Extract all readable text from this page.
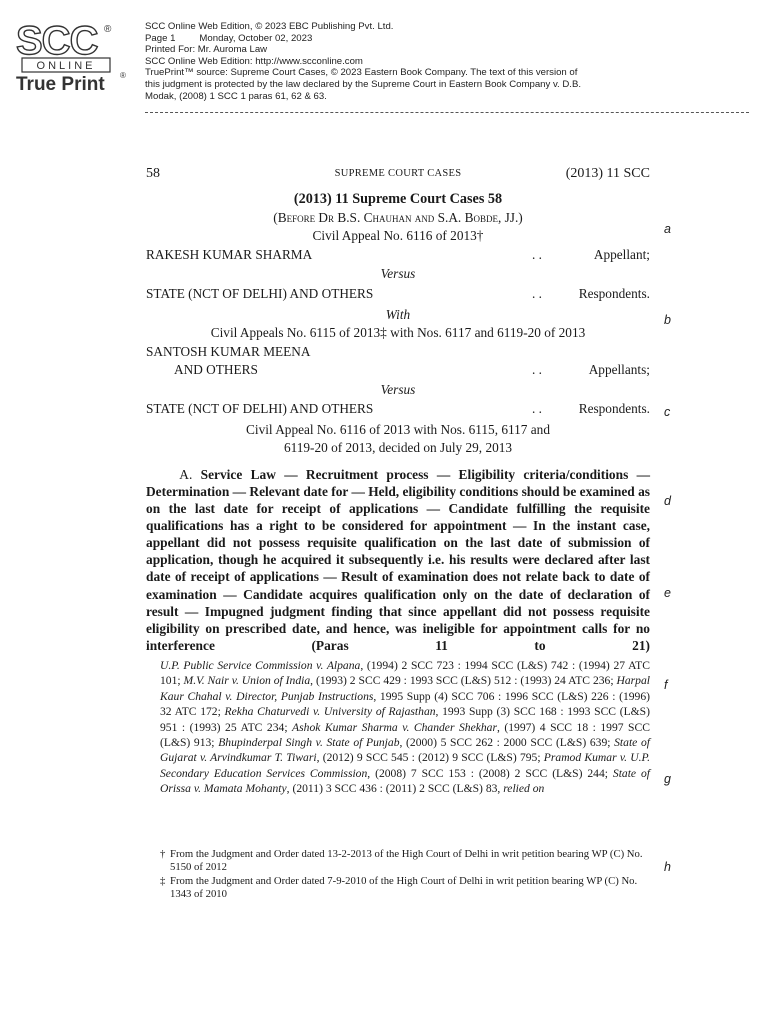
SCC ®
ONLINE
True Print ®
SCC Online Web Edition, © 2023 EBC Publishing Pvt. Ltd.
Page 1	Monday, October 02, 2023
Printed For: Mr. Auroma Law
SCC Online Web Edition: http://www.scconline.com
TruePrint™ source: Supreme Court Cases, © 2023 Eastern Book Company. The text of this version of
this judgment is protected by the law declared by the Supreme Court in Eastern Book Company v. D.B.
Modak, (2008) 1 SCC 1 paras 61, 62 & 63.
a
b
c
d
e
f
g
h
58	SUPREME COURT CASES	(2013) 11 SCC
(2013) 11 Supreme Court Cases 58
(Before Dr B.S. Chauhan and S.A. Bobde, JJ.)
Civil Appeal No. 6116 of 2013†
RAKESH KUMAR SHARMA	. .	Appellant;
Versus
STATE (NCT OF DELHI) AND OTHERS	. .	Respondents.
With
Civil Appeals No. 6115 of 2013‡ with Nos. 6117 and 6119-20 of 2013
SANTOSH KUMAR MEENA
AND OTHERS	. .	Appellants;
Versus
STATE (NCT OF DELHI) AND OTHERS	. .	Respondents.
Civil Appeal No. 6116 of 2013 with Nos. 6115, 6117 and
6119-20 of 2013, decided on July 29, 2013
A. Service Law — Recruitment process — Eligibility criteria/conditions — Determination — Relevant date for — Held, eligibility conditions should be examined as on the last date for receipt of applications — Candidate fulfilling the requisite qualifications has a right to be considered for appointment — In the instant case, appellant did not possess requisite qualification on the last date of submission of application, though he acquired it subsequently i.e. his results were declared after last date of receipt of applications — Result of examination does not relate back to date of examination — Candidate acquires qualification only on the date of declaration of result — Impugned judgment finding that since appellant did not possess requisite eligibility on prescribed date, and hence, was ineligible for appointment calls for no interference	(Paras 11 to 21)
U.P. Public Service Commission v. Alpana, (1994) 2 SCC 723 : 1994 SCC (L&S) 742 : (1994) 27 ATC 101; M.V. Nair v. Union of India, (1993) 2 SCC 429 : 1993 SCC (L&S) 512 : (1993) 24 ATC 236; Harpal Kaur Chahal v. Director, Punjab Instructions, 1995 Supp (4) SCC 706 : 1996 SCC (L&S) 226 : (1996) 32 ATC 172; Rekha Chaturvedi v. University of Rajasthan, 1993 Supp (3) SCC 168 : 1993 SCC (L&S) 951 : (1993) 25 ATC 234; Ashok Kumar Sharma v. Chander Shekhar, (1997) 4 SCC 18 : 1997 SCC (L&S) 913; Bhupinderpal Singh v. State of Punjab, (2000) 5 SCC 262 : 2000 SCC (L&S) 639; State of Gujarat v. Arvindkumar T. Tiwari, (2012) 9 SCC 545 : (2012) 9 SCC (L&S) 795; Pramod Kumar v. U.P. Secondary Education Services Commission, (2008) 7 SCC 153 : (2008) 2 SCC (L&S) 244; State of Orissa v. Mamata Mohanty, (2011) 3 SCC 436 : (2011) 2 SCC (L&S) 83, relied on
† From the Judgment and Order dated 13-2-2013 of the High Court of Delhi in writ petition bearing WP (C) No. 5150 of 2012
‡ From the Judgment and Order dated 7-9-2010 of the High Court of Delhi in writ petition bearing WP (C) No. 1343 of 2010
